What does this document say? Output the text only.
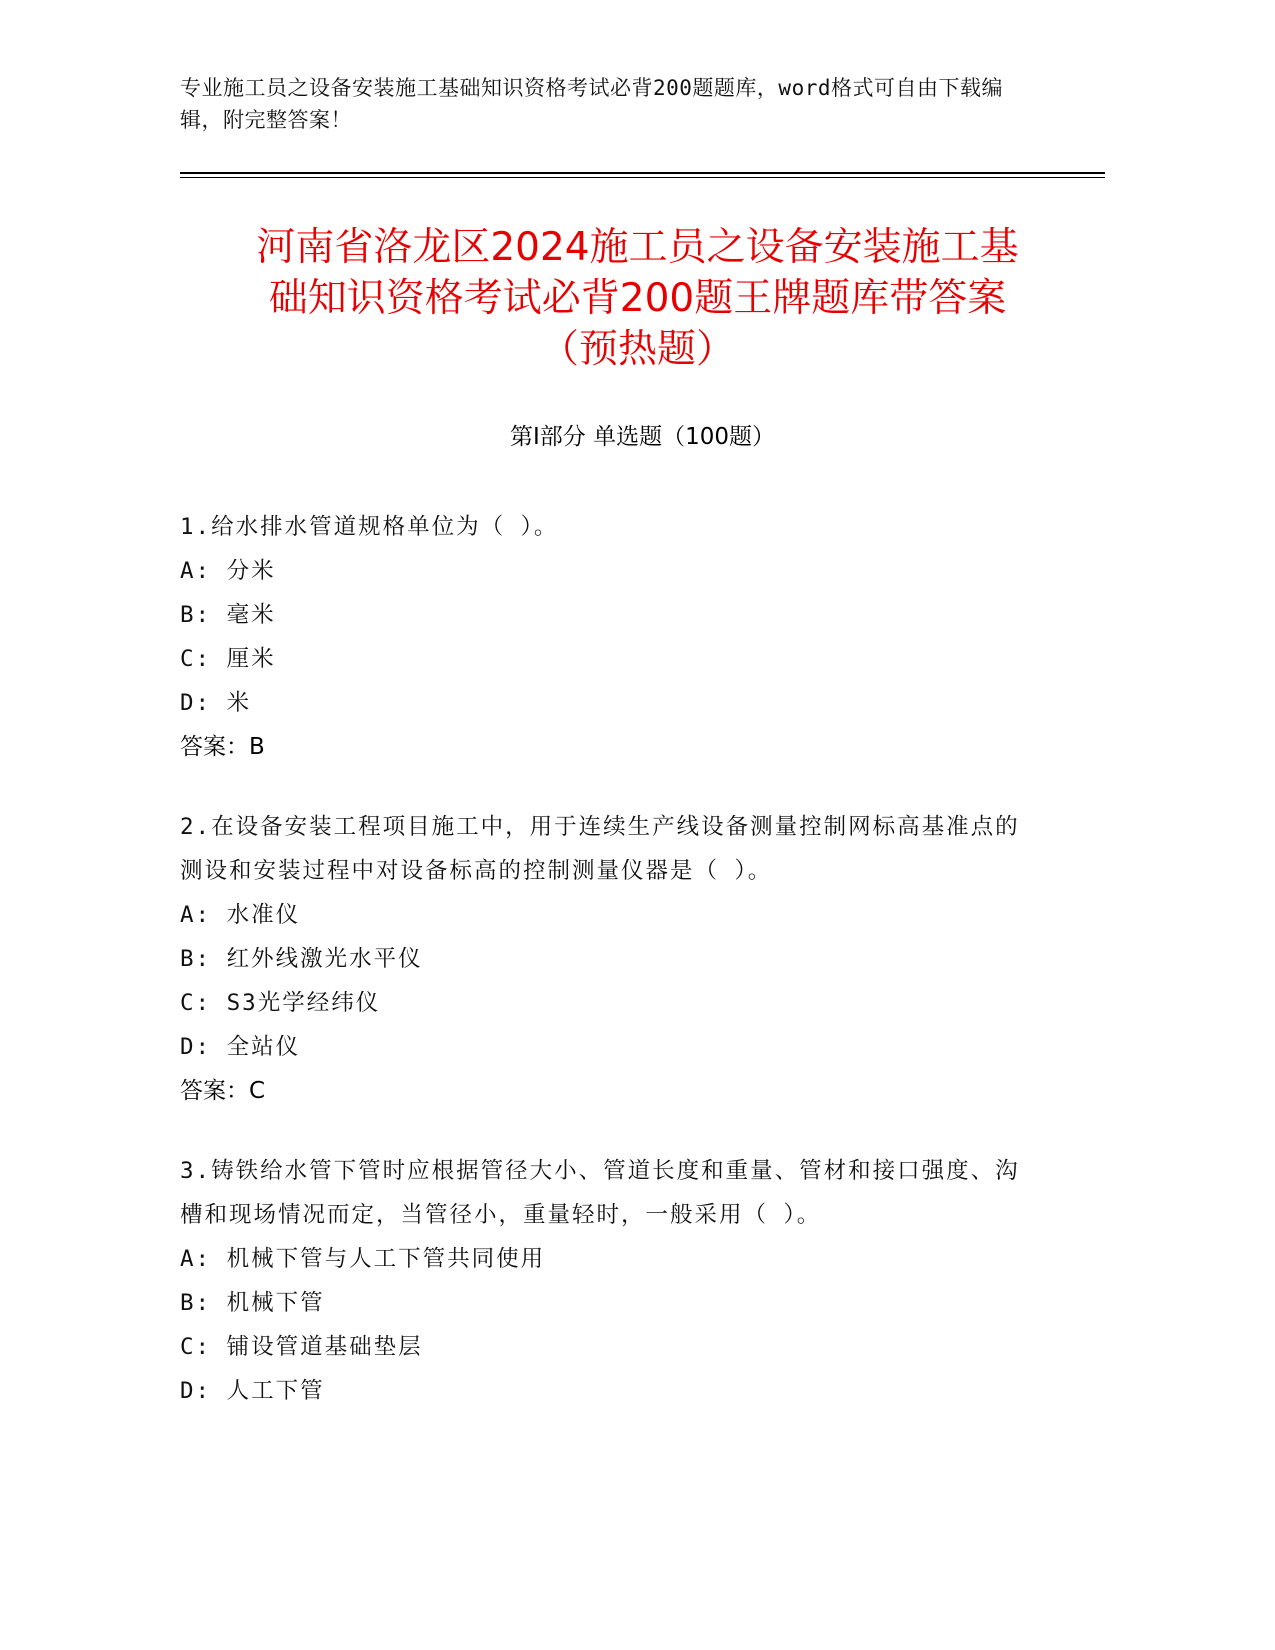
专业施工员之设备安装施工基础知识资格考试必背200题题库，word格式可自由下载编辑，附完整答案！
河南省洛龙区2024施工员之设备安装施工基
础知识资格考试必背200题王牌题库带答案
（预热题）
第Ⅰ部分 单选题（100题）
1.给水排水管道规格单位为（ ）。
A: 分米
B: 毫米
C: 厘米
D: 米
答案：B
2.在设备安装工程项目施工中，用于连续生产线设备测量控制网标高基准点的测设和安装过程中对设备标高的控制测量仪器是（ ）。
A: 水准仪
B: 红外线激光水平仪
C: S3光学经纬仪
D: 全站仪
答案：C
3.铸铁给水管下管时应根据管径大小、管道长度和重量、管材和接口强度、沟槽和现场情况而定，当管径小，重量轻时，一般采用（ ）。
A: 机械下管与人工下管共同使用
B: 机械下管
C: 铺设管道基础垫层
D: 人工下管
